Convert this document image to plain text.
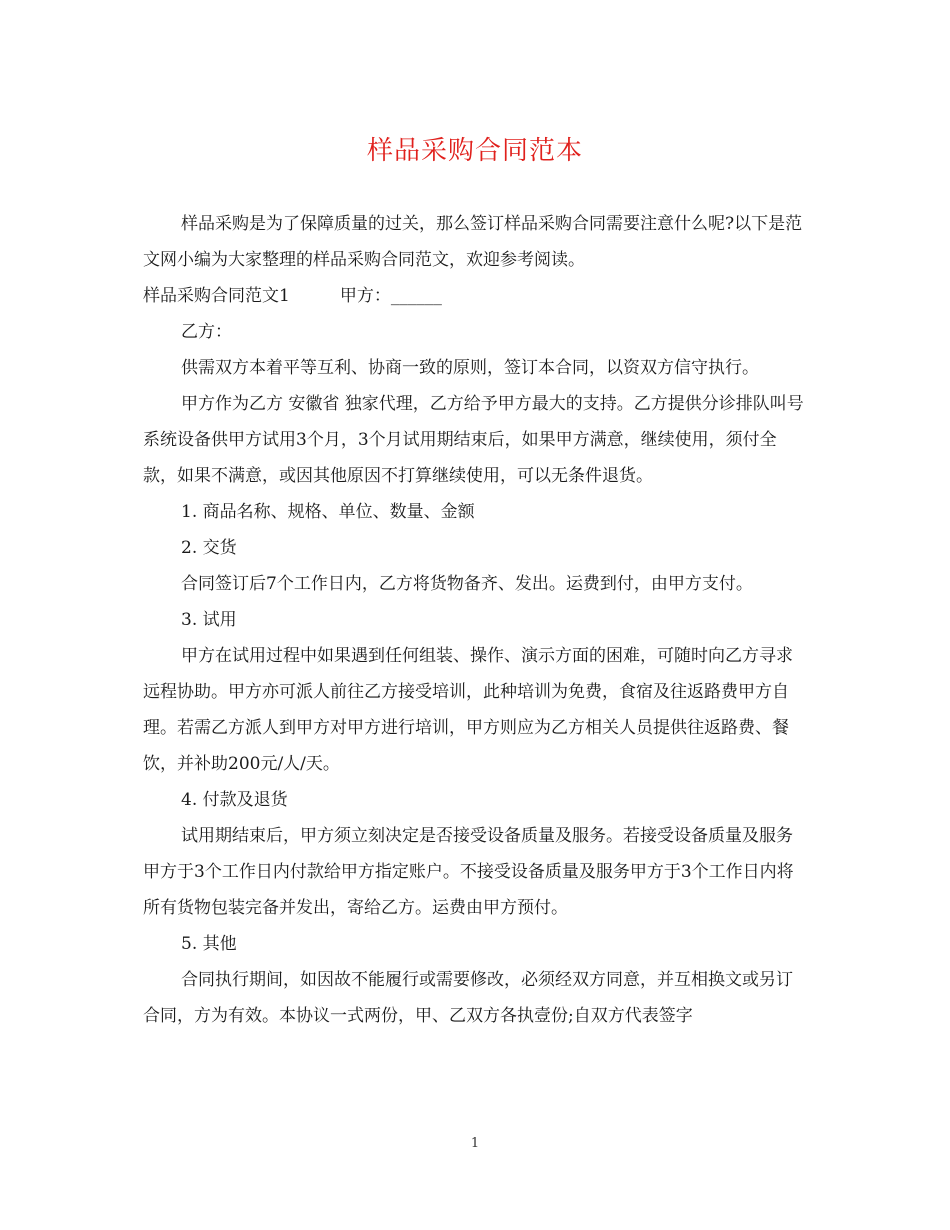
样品采购合同范本

样品采购是为了保障质量的过关，那么签订样品采购合同需要注意什么呢?以下是范文网小编为大家整理的样品采购合同范文，欢迎参考阅读。

样品采购合同范文1	甲方：______

乙方：

供需双方本着平等互利、协商一致的原则，签订本合同，以资双方信守执行。

甲方作为乙方 安徽省 独家代理，乙方给予甲方最大的支持。乙方提供分诊排队叫号系统设备供甲方试用3个月，3个月试用期结束后，如果甲方满意，继续使用，须付全款，如果不满意，或因其他原因不打算继续使用，可以无条件退货。

1. 商品名称、规格、单位、数量、金额

2. 交货

合同签订后7个工作日内，乙方将货物备齐、发出。运费到付，由甲方支付。

3. 试用

甲方在试用过程中如果遇到任何组装、操作、演示方面的困难，可随时向乙方寻求远程协助。甲方亦可派人前往乙方接受培训，此种培训为免费，食宿及往返路费甲方自理。若需乙方派人到甲方对甲方进行培训，甲方则应为乙方相关人员提供往返路费、餐饮，并补助200元/人/天。

4. 付款及退货

试用期结束后，甲方须立刻决定是否接受设备质量及服务。若接受设备质量及服务甲方于3个工作日内付款给甲方指定账户。不接受设备质量及服务甲方于3个工作日内将所有货物包装完备并发出，寄给乙方。运费由甲方预付。

5. 其他

合同执行期间，如因故不能履行或需要修改，必须经双方同意，并互相换文或另订合同，方为有效。本协议一式两份，甲、乙双方各执壹份;自双方代表签字

1
